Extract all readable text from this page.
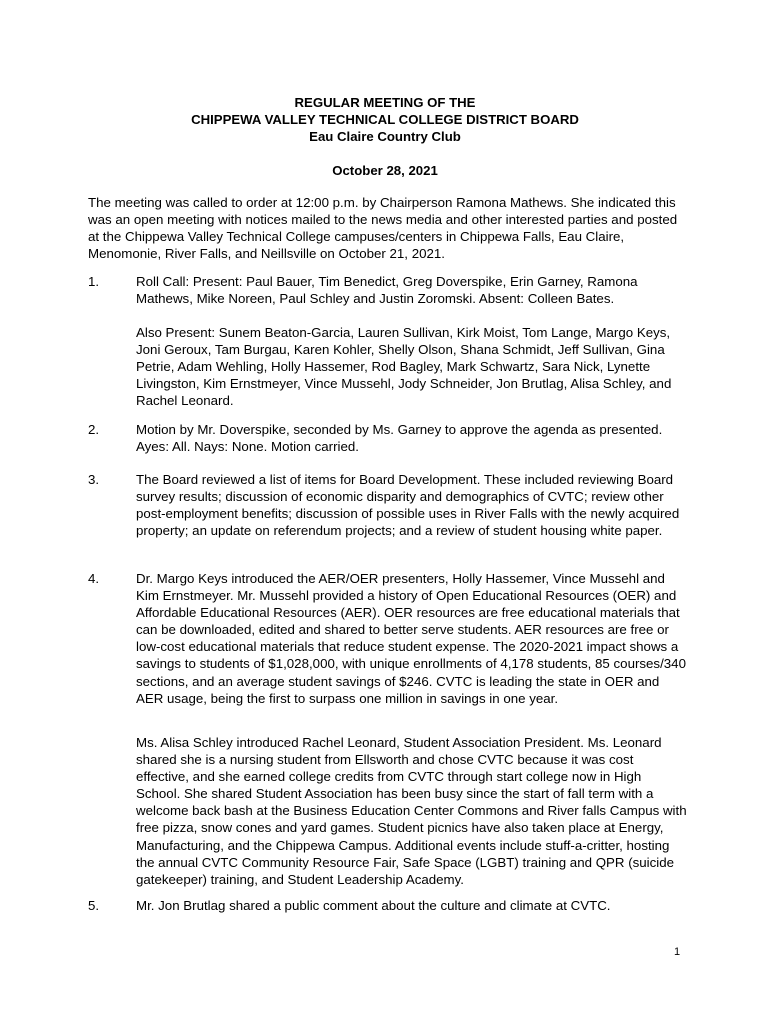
REGULAR MEETING OF THE
CHIPPEWA VALLEY TECHNICAL COLLEGE DISTRICT BOARD
Eau Claire Country Club
October 28, 2021
The meeting was called to order at 12:00 p.m. by Chairperson Ramona Mathews. She indicated this was an open meeting with notices mailed to the news media and other interested parties and posted at the Chippewa Valley Technical College campuses/centers in Chippewa Falls, Eau Claire, Menomonie, River Falls, and Neillsville on October 21, 2021.
1.	Roll Call: Present: Paul Bauer, Tim Benedict, Greg Doverspike, Erin Garney, Ramona Mathews, Mike Noreen, Paul Schley and Justin Zoromski. Absent: Colleen Bates.
Also Present: Sunem Beaton-Garcia, Lauren Sullivan, Kirk Moist, Tom Lange, Margo Keys, Joni Geroux, Tam Burgau, Karen Kohler, Shelly Olson, Shana Schmidt, Jeff Sullivan, Gina Petrie, Adam Wehling, Holly Hassemer, Rod Bagley, Mark Schwartz, Sara Nick, Lynette Livingston, Kim Ernstmeyer, Vince Mussehl, Jody Schneider, Jon Brutlag, Alisa Schley, and Rachel Leonard.
2.	Motion by Mr. Doverspike, seconded by Ms. Garney to approve the agenda as presented. Ayes: All. Nays: None. Motion carried.
3.	The Board reviewed a list of items for Board Development. These included reviewing Board survey results; discussion of economic disparity and demographics of CVTC; review other post-employment benefits; discussion of possible uses in River Falls with the newly acquired property; an update on referendum projects; and a review of student housing white paper.
4.	Dr. Margo Keys introduced the AER/OER presenters, Holly Hassemer, Vince Mussehl and Kim Ernstmeyer. Mr. Mussehl provided a history of Open Educational Resources (OER) and Affordable Educational Resources (AER). OER resources are free educational materials that can be downloaded, edited and shared to better serve students. AER resources are free or low-cost educational materials that reduce student expense. The 2020-2021 impact shows a savings to students of $1,028,000, with unique enrollments of 4,178 students, 85 courses/340 sections, and an average student savings of $246. CVTC is leading the state in OER and AER usage, being the first to surpass one million in savings in one year.
Ms. Alisa Schley introduced Rachel Leonard, Student Association President. Ms. Leonard shared she is a nursing student from Ellsworth and chose CVTC because it was cost effective, and she earned college credits from CVTC through start college now in High School. She shared Student Association has been busy since the start of fall term with a welcome back bash at the Business Education Center Commons and River falls Campus with free pizza, snow cones and yard games. Student picnics have also taken place at Energy, Manufacturing, and the Chippewa Campus. Additional events include stuff-a-critter, hosting the annual CVTC Community Resource Fair, Safe Space (LGBT) training and QPR (suicide gatekeeper) training, and Student Leadership Academy.
5.	Mr. Jon Brutlag shared a public comment about the culture and climate at CVTC.
1
